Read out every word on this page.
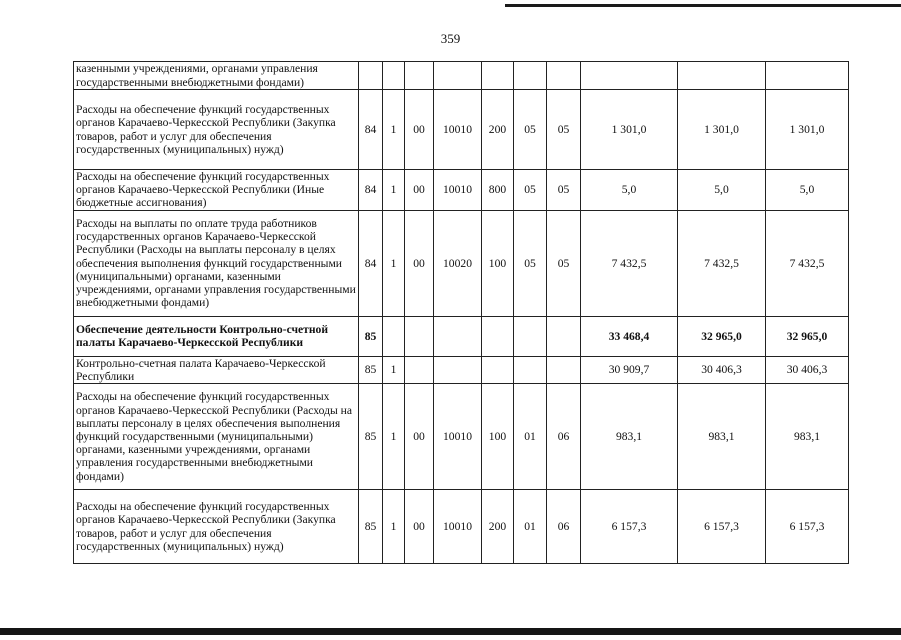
359
казенными учреждениями, органами управления государственными внебюджетными фондами)										
Расходы на обеспечение функций государственных органов Карачаево-Черкесской Республики (Закупка товаров, работ и услуг для обеспечения государственных (муниципальных) нужд)	84	1	00	10010	200	05	05	1 301,0	1 301,0	1 301,0
Расходы на обеспечение функций государственных органов Карачаево-Черкесской Республики (Иные бюджетные ассигнования)	84	1	00	10010	800	05	05	5,0	5,0	5,0
Расходы на выплаты по оплате труда работников государственных органов Карачаево-Черкесской Республики (Расходы на выплаты персоналу в целях обеспечения выполнения функций государственными (муниципальными) органами, казенными учреждениями, органами управления государственными внебюджетными фондами)	84	1	00	10020	100	05	05	7 432,5	7 432,5	7 432,5
Обеспечение деятельности Контрольно-счетной палаты Карачаево-Черкесской Республики	85							33 468,4	32 965,0	32 965,0
Контрольно-счетная палата Карачаево-Черкесской Республики	85	1						30 909,7	30 406,3	30 406,3
Расходы на обеспечение функций государственных органов Карачаево-Черкесской Республики (Расходы на выплаты персоналу в целях обеспечения выполнения функций государственными (муниципальными) органами, казенными учреждениями, органами управления государственными внебюджетными фондами)	85	1	00	10010	100	01	06	983,1	983,1	983,1
Расходы на обеспечение функций государственных органов Карачаево-Черкесской Республики (Закупка товаров, работ и услуг для обеспечения государственных (муниципальных) нужд)	85	1	00	10010	200	01	06	6 157,3	6 157,3	6 157,3
